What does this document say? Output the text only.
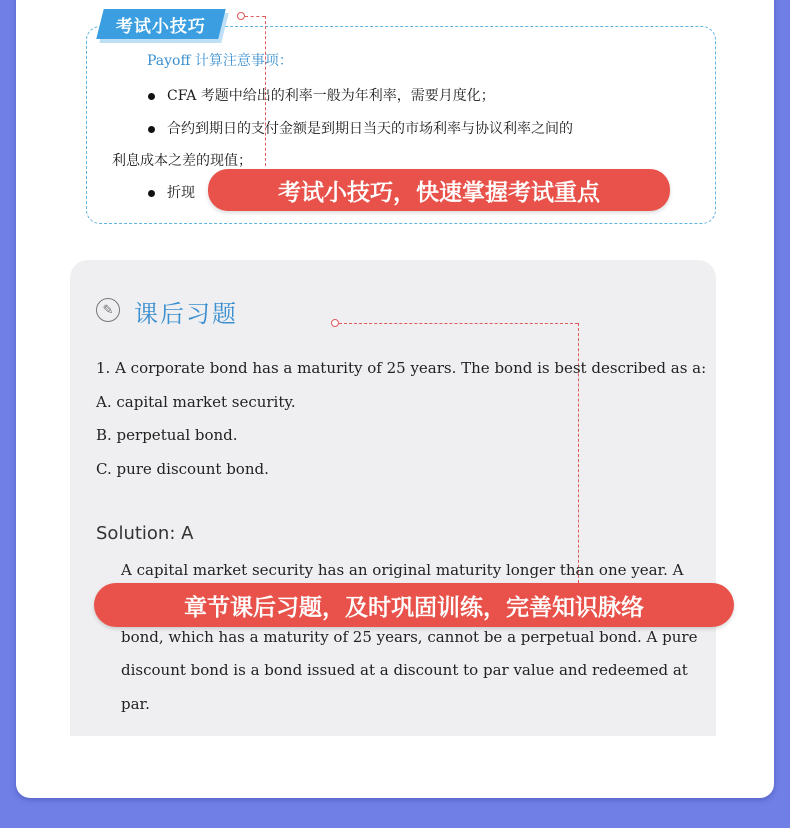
考试小技巧
Payoff 计算注意事项：
CFA 考题中给出的利率一般为年利率，需要月度化；
合约到期日的支付金额是到期日当天的市场利率与协议利率之间的
利息成本之差的现值；
折现	考试小技巧，快速掌握考试重点
✎ 课后习题
1. A corporate bond has a maturity of 25 years. The bond is best described as a:
A. capital market security.
B. perpetual bond.
C. pure discount bond.
Solution: A
A capital market security has an original maturity longer than one year. A
bond, which has a maturity of 25 years, cannot be a perpetual bond. A pure
discount bond is a bond issued at a discount to par value and redeemed at
par.
章节课后习题，及时巩固训练，完善知识脉络
